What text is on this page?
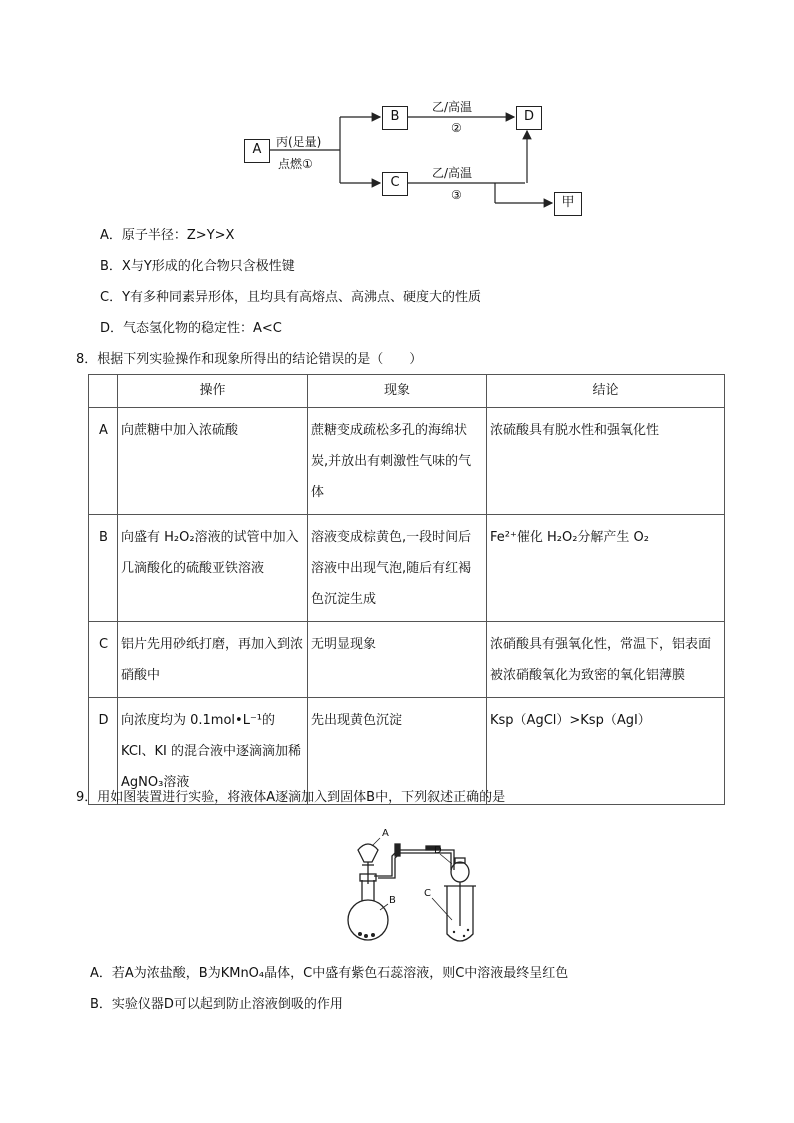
A
B
C
D
甲
丙(足量)
点燃①
乙/高温
②
乙/高温
③
A．原子半径：Z>Y>X
B．X与Y形成的化合物只含极性键
C．Y有多种同素异形体，且均具有高熔点、高沸点、硬度大的性质
D．气态氢化物的稳定性：A<C
8．根据下列实验操作和现象所得出的结论错误的是（　　）
	操作	现象	结论
A	向蔗糖中加入浓硫酸	蔗糖变成疏松多孔的海绵状炭,并放出有刺激性气味的气体	浓硫酸具有脱水性和强氧化性

B	向盛有 H₂O₂溶液的试管中加入几滴酸化的硫酸亚铁溶液	溶液变成棕黄色,一段时间后溶液中出现气泡,随后有红褐色沉淀生成	Fe²⁺催化 H₂O₂分解产生 O₂

C	铝片先用砂纸打磨，再加入到浓硝酸中	无明显现象	浓硝酸具有强氧化性，常温下，铝表面被浓硝酸氧化为致密的氧化铝薄膜

D	向浓度均为 0.1mol•L⁻¹的 KCl、KI 的混合液中逐滴滴加稀AgNO₃溶液	先出现黄色沉淀	Ksp（AgCl）>Ksp（AgI）
9．用如图装置进行实验，将液体A逐滴加入到固体B中，下列叙述正确的是
A
B
D
C
A．若A为浓盐酸，B为KMnO₄晶体，C中盛有紫色石蕊溶液，则C中溶液最终呈红色
B．实验仪器D可以起到防止溶液倒吸的作用
